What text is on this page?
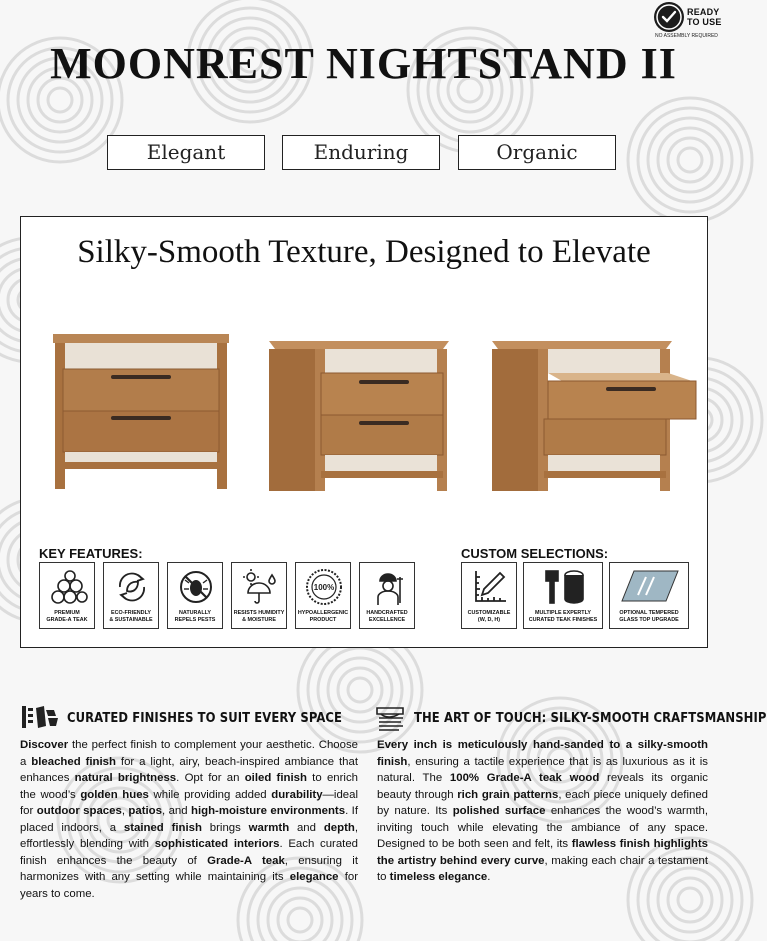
READY
TO USE
NO ASSEMBLY REQUIRED
MOONREST NIGHTSTAND II
Elegant	Enduring	Organic
Silky-Smooth Texture, Designed to Elevate
KEY FEATURES:	CUSTOM SELECTIONS:
PREMIUM
GRADE-A TEAK
ECO-FRIENDLY
& SUSTAINABLE
NATURALLY
REPELS PESTS
RESISTS HUMIDITY
& MOISTURE
100%
HYPOALLERGENIC
PRODUCT
HANDCRAFTED
EXCELLENCE
CUSTOMIZABLE
(W, D, H)
MULTIPLE EXPERTLY
CURATED TEAK FINISHES
OPTIONAL TEMPERED
GLASS TOP UPGRADE
CURATED FINISHES TO SUIT EVERY SPACE	THE ART OF TOUCH: SILKY-SMOOTH CRAFTSMANSHIP

Discover the perfect finish to complement your aesthetic. Choose a bleached finish for a light, airy, beach-inspired ambiance that enhances natural brightness. Opt for an oiled finish to enrich the wood’s golden hues while providing added durability—ideal for outdoor spaces, patios, and high-moisture environments. If placed indoors, a stained finish brings warmth and depth, effortlessly blending with sophisticated interiors. Each curated finish enhances the beauty of Grade-A teak, ensuring it harmonizes with any setting while maintaining its elegance for years to come.

Every inch is meticulously hand-sanded to a silky-smooth finish, ensuring a tactile experience that is as luxurious as it is natural. The 100% Grade-A teak wood reveals its organic beauty through rich grain patterns, each piece uniquely defined by nature. Its polished surface enhances the wood’s warmth, inviting touch while elevating the ambiance of any space. Designed to be both seen and felt, its flawless finish highlights the artistry behind every curve, making each chair a testament to timeless elegance.
